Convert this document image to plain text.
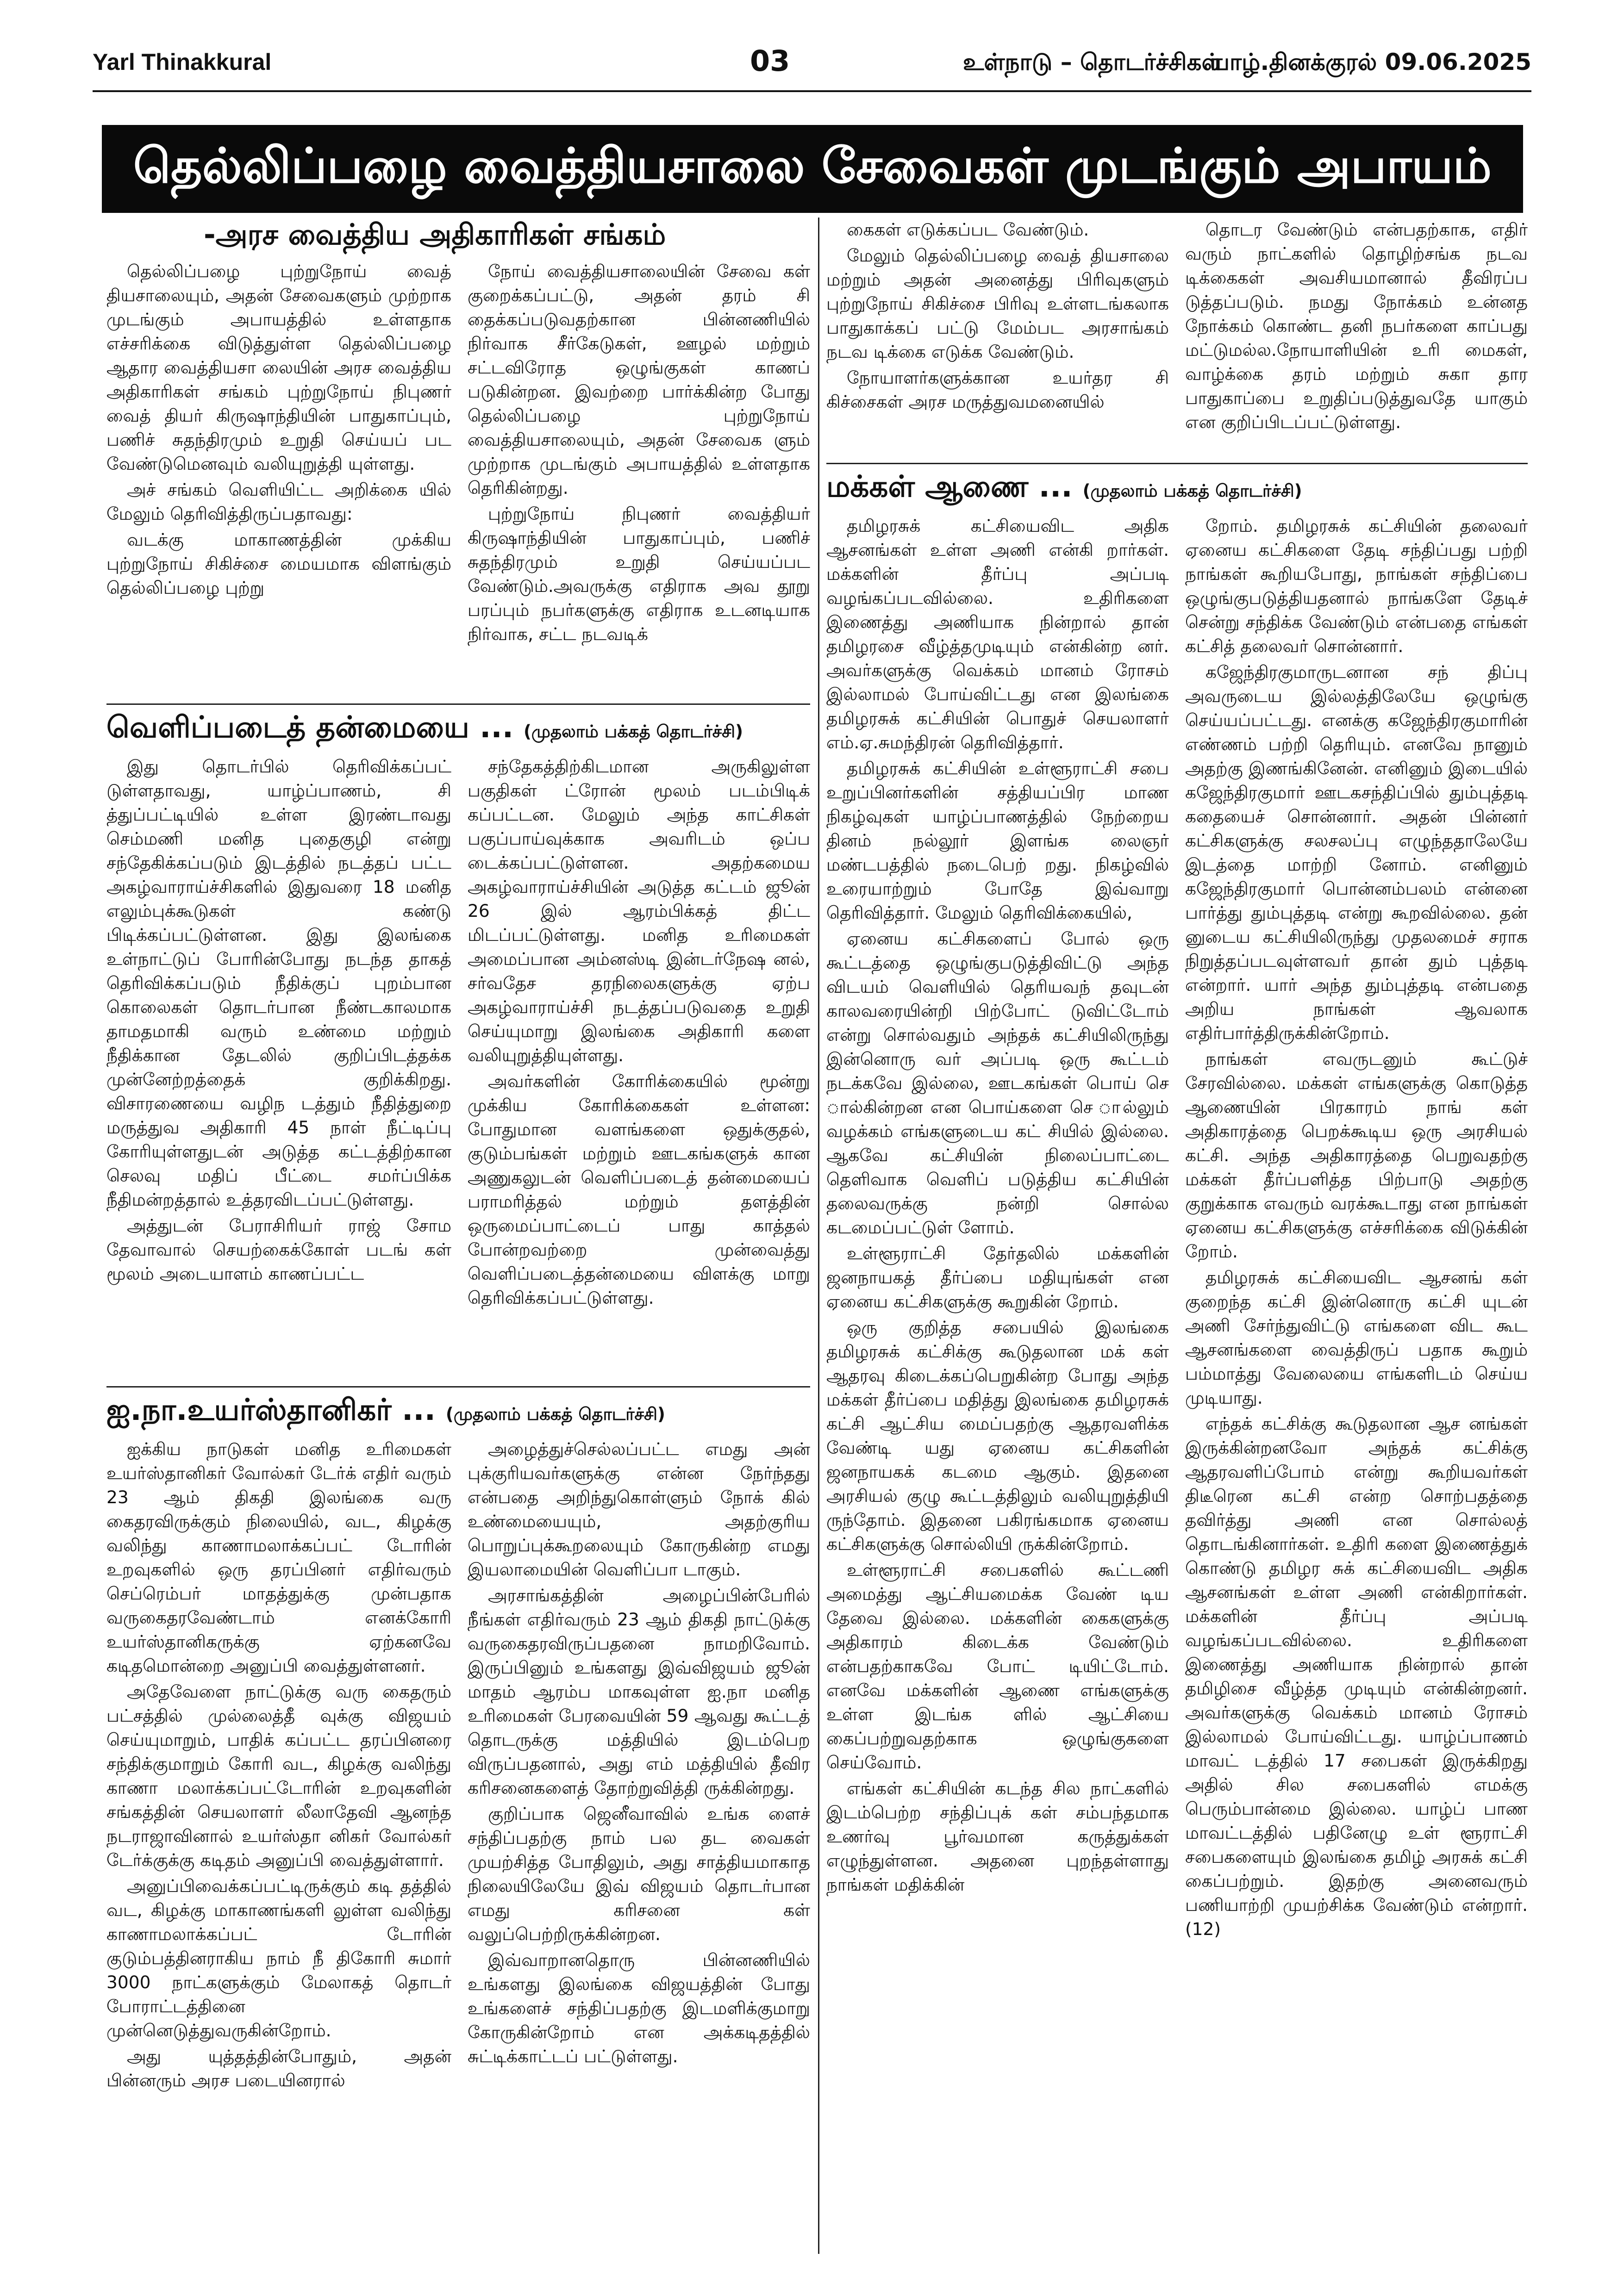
Yarl Thinakkural	03	உள்நாடு – தொடர்ச்சிகள்
யாழ்.தினக்குரல் 09.06.2025
தெல்லிப்பழை வைத்தியசாலை சேவைகள் முடங்கும் அபாயம்
-அரச வைத்திய அதிகாரிகள் சங்கம்

தெல்லிப்பழை புற்றுநோய் வைத் தியசாலையும், அதன் சேவைகளும் முற்றாக முடங்கும் அபாயத்தில் உள்ளதாக எச்சரிக்கை விடுத்துள்ள தெல்லிப்பழை ஆதார வைத்தியசா லையின் அரச வைத்திய அதிகாரிகள் சங்கம் புற்றுநோய் நிபுணர் வைத் தியர் கிருஷாந்தியின் பாதுகாப்பும், பணிச் சுதந்திரமும் உறுதி செய்யப் பட வேண்டுமெனவும் வலியுறுத்தி யுள்ளது.

அச் சங்கம் வெளியிட்ட அறிக்கை யில் மேலும் தெரிவித்திருப்பதாவது:

வடக்கு மாகாணத்தின் முக்கிய புற்றுநோய் சிகிச்சை மையமாக விளங்கும் தெல்லிப்பழை புற்று

நோய் வைத்தியசாலையின் சேவை கள் குறைக்கப்பட்டு, அதன் தரம் சி தைக்கப்படுவதற்கான பின்னணியில் நிர்வாக சீர்கேடுகள், ஊழல் மற்றும் சட்டவிரோத ஒழுங்குகள் காணப் படுகின்றன. இவற்றை பார்க்கின்ற போது தெல்லிப்பழை புற்றுநோய் வைத்தியசாலையும், அதன் சேவைக ளும் முற்றாக முடங்கும் அபாயத்தில் உள்ளதாக தெரிகின்றது.

புற்றுநோய் நிபுணர் வைத்தியர் கிருஷாந்தியின் பாதுகாப்பும், பணிச் சுதந்திரமும் உறுதி செய்யப்பட வேண்டும்.அவருக்கு எதிராக அவ தூறு பரப்பும் நபர்களுக்கு எதிராக உடனடியாக நிர்வாக, சட்ட நடவடிக்

கைகள் எடுக்கப்பட வேண்டும்.

மேலும் தெல்லிப்பழை வைத் தியசாலை மற்றும் அதன் அனைத்து பிரிவுகளும் புற்றுநோய் சிகிச்சை பிரிவு உள்ளடங்கலாக பாதுகாக்கப் பட்டு மேம்பட அரசாங்கம் நடவ டிக்கை எடுக்க வேண்டும்.

நோயாளர்களுக்கான உயர்தர சி கிச்சைகள் அரச மருத்துவமனையில்

தொடர வேண்டும் என்பதற்காக, எதிர் வரும் நாட்களில் தொழிற்சங்க நடவ டிக்கைகள் அவசியமானால் தீவிரப்ப டுத்தப்படும். நமது நோக்கம் உன்னத நோக்கம் கொண்ட தனி நபர்களை காப்பது மட்டுமல்ல.நோயாளியின் உரி மைகள், வாழ்க்கை தரம் மற்றும் சுகா தார பாதுகாப்பை உறுதிப்படுத்துவதே யாகும் என குறிப்பிடப்பட்டுள்ளது.

வெளிப்படைத் தன்மையை ... (முதலாம் பக்கத் தொடர்ச்சி)

இது தொடர்பில் தெரிவிக்கப்பட் டுள்ளதாவது, யாழ்ப்பாணம், சி த்துப்பட்டியில் உள்ள இரண்டாவது செம்மணி மனித புதைகுழி என்று சந்தேகிக்கப்படும் இடத்தில் நடத்தப் பட்ட அகழ்வாராய்ச்சிகளில் இதுவரை 18 மனித எலும்புக்கூடுகள் கண்டு பிடிக்கப்பட்டுள்ளன. இது இலங்கை உள்நாட்டுப் போரின்போது நடந்த தாகத் தெரிவிக்கப்படும் நீதிக்குப் புறம்பான கொலைகள் தொடர்பான நீண்டகாலமாக தாமதமாகி வரும் உண்மை மற்றும் நீதிக்கான தேடலில் குறிப்பிடத்தக்க முன்னேற்றத்தைக் குறிக்கிறது. விசாரணையை வழிந டத்தும் நீதித்துறை மருத்துவ அதிகாரி 45 நாள் நீட்டிப்பு கோரியுள்ளதுடன் அடுத்த கட்டத்திற்கான செலவு மதிப் பீட்டை சமர்ப்பிக்க நீதிமன்றத்தால் உத்தரவிடப்பட்டுள்ளது.

அத்துடன் பேராசிரியர் ராஜ் சோம தேவாவால் செயற்கைக்கோள் படங் கள் மூலம் அடையாளம் காணப்பட்ட

சந்தேகத்திற்கிடமான அருகிலுள்ள பகுதிகள் ட்ரோன் மூலம் படம்பிடிக் கப்பட்டன. மேலும் அந்த காட்சிகள் பகுப்பாய்வுக்காக அவரிடம் ஒப்ப டைக்கப்பட்டுள்ளன. அதற்கமைய அகழ்வாராய்ச்சியின் அடுத்த கட்டம் ஜூன் 26 இல் ஆரம்பிக்கத் திட்ட மிடப்பட்டுள்ளது. மனித உரிமைகள் அமைப்பான அம்னஸ்டி இன்டர்நேஷ னல், சர்வதேச தரநிலைகளுக்கு ஏற்ப அகழ்வாராய்ச்சி நடத்தப்படுவதை உறுதி செய்யுமாறு இலங்கை அதிகாரி களை வலியுறுத்தியுள்ளது.

அவர்களின் கோரிக்கையில் மூன்று முக்கிய கோரிக்கைகள் உள்ளன: போதுமான வளங்களை ஒதுக்குதல், குடும்பங்கள் மற்றும் ஊடகங்களுக் கான அணுகலுடன் வெளிப்படைத் தன்மையைப் பராமரித்தல் மற்றும் தளத்தின் ஒருமைப்பாட்டைப் பாது காத்தல் போன்றவற்றை முன்வைத்து வெளிப்படைத்தன்மையை விளக்கு மாறு தெரிவிக்கப்பட்டுள்ளது.

ஐ.நா.உயர்ஸ்தானிகர் ... (முதலாம் பக்கத் தொடர்ச்சி)

ஐக்கிய நாடுகள் மனித உரிமைகள் உயர்ஸ்தானிகர் வோல்கர் டேர்க் எதிர் வரும் 23 ஆம் திகதி இலங்கை வரு கைதரவிருக்கும் நிலையில், வட, கிழக்கு வலிந்து காணாமலாக்கப்பட் டோரின் உறவுகளில் ஒரு தரப்பினர் எதிர்வரும் செப்ரெம்பர் மாதத்துக்கு முன்பதாக வருகைதரவேண்டாம் எனக்கோரி உயர்ஸ்தானிகருக்கு ஏற்கனவே கடிதமொன்றை அனுப்பி வைத்துள்ளனர்.

அதேவேளை நாட்டுக்கு வரு கைதரும் பட்சத்தில் முல்லைத்தீ வுக்கு விஜயம் செய்யுமாறும், பாதிக் கப்பட்ட தரப்பினரை சந்திக்குமாறும் கோரி வட, கிழக்கு வலிந்து காணா மலாக்கப்பட்டோரின் உறவுகளின் சங்கத்தின் செயலாளர் லீலாதேவி ஆனந்த நடராஜாவினால் உயர்ஸ்தா னிகர் வோல்கர் டேர்க்குக்கு கடிதம் அனுப்பி வைத்துள்ளார்.

அனுப்பிவைக்கப்பட்டிருக்கும் கடி தத்தில் வட, கிழக்கு மாகாணங்களி லுள்ள வலிந்து காணாமலாக்கப்பட் டோரின் குடும்பத்தினராகிய நாம் நீ திகோரி சுமார் 3000 நாட்களுக்கும் மேலாகத் தொடர் போராட்டத்தினை முன்னெடுத்துவருகின்றோம்.

அது யுத்தத்தின்போதும், அதன் பின்னரும் அரச படையினரால்

அழைத்துச்செல்லப்பட்ட எமது அன் புக்குரியவர்களுக்கு என்ன நேர்ந்தது என்பதை அறிந்துகொள்ளும் நோக் கில் உண்மையையும், அதற்குரிய பொறுப்புக்கூறலையும் கோருகின்ற எமது இயலாமையின் வெளிப்பா டாகும்.

அரசாங்கத்தின் அழைப்பின்பேரில் நீங்கள் எதிர்வரும் 23 ஆம் திகதி நாட்டுக்கு வருகைதரவிருப்பதனை நாமறிவோம். இருப்பினும் உங்களது இவ்விஜயம் ஜூன் மாதம் ஆரம்ப மாகவுள்ள ஐ.நா மனித உரிமைகள் பேரவையின் 59 ஆவது கூட்டத் தொடருக்கு மத்தியில் இடம்பெற விருப்பதனால், அது எம் மத்தியில் தீவிர கரிசனைகளைத் தோற்றுவித்தி ருக்கின்றது.

குறிப்பாக ஜெனீவாவில் உங்க ளைச் சந்திப்பதற்கு நாம் பல தட வைகள் முயற்சித்த போதிலும், அது சாத்தியமாகாத நிலையிலேயே இவ் விஜயம் தொடர்பான எமது கரிசனை கள் வலுப்பெற்றிருக்கின்றன.

இவ்வாறானதொரு பின்னணியில் உங்களது இலங்கை விஜயத்தின் போது உங்களைச் சந்திப்பதற்கு இடமளிக்குமாறு கோருகின்றோம் என அக்கடிதத்தில் சுட்டிக்காட்டப் பட்டுள்ளது.

மக்கள் ஆணை ... (முதலாம் பக்கத் தொடர்ச்சி)

தமிழரசுக் கட்சியைவிட அதிக ஆசனங்கள் உள்ள அணி என்கி றார்கள். மக்களின் தீர்ப்பு அப்படி வழங்கப்படவில்லை. உதிரிகளை இணைத்து அணியாக நின்றால் தான் தமிழரசை வீழ்த்தமுடியும் என்கின்ற னர். அவர்களுக்கு வெக்கம் மானம் ரோசம் இல்லாமல் போய்விட்டது என இலங்கை தமிழரசுக் கட்சியின் பொதுச் செயலாளர் எம்.ஏ.சுமந்திரன் தெரிவித்தார்.

தமிழரசுக் கட்சியின் உள்ளூராட்சி சபை உறுப்பினர்களின் சத்தியப்பிர மாண நிகழ்வுகள் யாழ்ப்பாணத்தில் நேற்றைய தினம் நல்லூர் இளங்க லைஞர் மண்டபத்தில் நடைபெற் றது. நிகழ்வில் உரையாற்றும் போதே இவ்வாறு தெரிவித்தார். மேலும் தெரிவிக்கையில்,

ஏனைய கட்சிகளைப் போல் ஒரு கூட்டத்தை ஒழுங்குபடுத்திவிட்டு அந்த விடயம் வெளியில் தெரியவந் தவுடன் காலவரையின்றி பிற்போட் டுவிட்டோம் என்று சொல்வதும் அந்தக் கட்சியிலிருந்து இன்னொரு வர் அப்படி ஒரு கூட்டம் நடக்கவே இல்லை, ஊடகங்கள் பொய் செ ால்கின்றன என பொய்களை செ ால்லும் வழக்கம் எங்களுடைய கட் சியில் இல்லை. ஆகவே கட்சியின் நிலைப்பாட்டை தெளிவாக வெளிப் படுத்திய கட்சியின் தலைவருக்கு நன்றி சொல்ல கடமைப்பட்டுள் ளோம்.

உள்ளூராட்சி தேர்தலில் மக்களின் ஜனநாயகத் தீர்ப்பை மதியுங்கள் என ஏனைய கட்சிகளுக்கு கூறுகின் றோம்.

ஒரு குறித்த சபையில் இலங்கை தமிழரசுக் கட்சிக்கு கூடுதலான மக் கள் ஆதரவு கிடைக்கப்பெறுகின்ற போது அந்த மக்கள் தீர்ப்பை மதித்து இலங்கை தமிழரசுக் கட்சி ஆட்சிய மைப்பதற்கு ஆதரவளிக்க வேண்டி யது ஏனைய கட்சிகளின் ஜனநாயகக் கடமை ஆகும். இதனை அரசியல் குழு கூட்டத்திலும் வலியுறுத்தியி ருந்தோம். இதனை பகிரங்கமாக ஏனைய கட்சிகளுக்கு சொல்லியி ருக்கின்றோம்.

உள்ளூராட்சி சபைகளில் கூட்டணி அமைத்து ஆட்சியமைக்க வேண் டிய தேவை இல்லை. மக்களின் கைகளுக்கு அதிகாரம் கிடைக்க வேண்டும் என்பதற்காகவே போட் டியிட்டோம். எனவே மக்களின் ஆணை எங்களுக்கு உள்ள இடங்க ளில் ஆட்சியை கைப்பற்றுவதற்காக ஒழுங்குகளை செய்வோம்.

எங்கள் கட்சியின் கடந்த சில நாட்களில் இடம்பெற்ற சந்திப்புக் கள் சம்பந்தமாக உணர்வு பூர்வமான கருத்துக்கள் எழுந்துள்ளன. அதனை புறந்தள்ளாது நாங்கள் மதிக்கின்

றோம். தமிழரசுக் கட்சியின் தலைவர் ஏனைய கட்சிகளை தேடி சந்திப்பது பற்றி நாங்கள் கூறியபோது, நாங்கள் சந்திப்பை ஒழுங்குபடுத்தியதனால் நாங்களே தேடிச் சென்று சந்திக்க வேண்டும் என்பதை எங்கள் கட்சித் தலைவர் சொன்னார்.

கஜேந்திரகுமாருடனான சந் திப்பு அவருடைய இல்லத்திலேயே ஒழுங்கு செய்யப்பட்டது. எனக்கு கஜேந்திரகுமாரின் எண்ணம் பற்றி தெரியும். எனவே நானும் அதற்கு இணங்கினேன். எனினும் இடையில் கஜேந்திரகுமார் ஊடகசந்திப்பில் தும்புத்தடி கதையைச் சொன்னார். அதன் பின்னர் கட்சிகளுக்கு சலசலப்பு எழுந்ததாலேயே இடத்தை மாற்றி னோம். எனினும் கஜேந்திரகுமார் பொன்னம்பலம் என்னை பார்த்து தும்புத்தடி என்று கூறவில்லை. தன் னுடைய கட்சியிலிருந்து முதலமைச் சராக நிறுத்தப்படவுள்ளவர் தான் தும் புத்தடி என்றார். யார் அந்த தும்புத்தடி என்பதை அறிய நாங்கள் ஆவலாக எதிர்பார்த்திருக்கின்றோம்.

நாங்கள் எவருடனும் கூட்டுச் சேரவில்லை. மக்கள் எங்களுக்கு கொடுத்த ஆணையின் பிரகாரம் நாங் கள் அதிகாரத்தை பெறக்கூடிய ஒரு அரசியல் கட்சி. அந்த அதிகாரத்தை பெறுவதற்கு மக்கள் தீர்ப்பளித்த பிற்பாடு அதற்கு குறுக்காக எவரும் வரக்கூடாது என நாங்கள் ஏனைய கட்சிகளுக்கு எச்சரிக்கை விடுக்கின் றோம்.

தமிழரசுக் கட்சியைவிட ஆசனங் கள் குறைந்த கட்சி இன்னொரு கட்சி யுடன் அணி சேர்ந்துவிட்டு எங்களை விட கூட ஆசனங்களை வைத்திருப் பதாக கூறும் பம்மாத்து வேலையை எங்களிடம் செய்ய முடியாது.

எந்தக் கட்சிக்கு கூடுதலான ஆச னங்கள் இருக்கின்றனவோ அந்தக் கட்சிக்கு ஆதரவளிப்போம் என்று கூறியவர்கள் திடீரென கட்சி என்ற சொற்பதத்தை தவிர்த்து அணி என சொல்லத் தொடங்கினார்கள். உதிரி களை இணைத்துக் கொண்டு தமிழர சுக் கட்சியைவிட அதிக ஆசனங்கள் உள்ள அணி என்கிறார்கள். மக்களின் தீர்ப்பு அப்படி வழங்கப்படவில்லை. உதிரிகளை இணைத்து அணியாக நின்றால் தான் தமிழிசை வீழ்த்த முடியும் என்கின்றனர். அவர்களுக்கு வெக்கம் மானம் ரோசம் இல்லாமல் போய்விட்டது. யாழ்ப்பாணம் மாவட் டத்தில் 17 சபைகள் இருக்கிறது அதில் சில சபைகளில் எமக்கு பெரும்பான்மை இல்லை. யாழ்ப் பாண மாவட்டத்தில் பதினேழு உள் ளூராட்சி சபைகளையும் இலங்கை தமிழ் அரசுக் கட்சி கைப்பற்றும். இதற்கு அனைவரும் பணியாற்றி முயற்சிக்க வேண்டும் என்றார்.(12)
